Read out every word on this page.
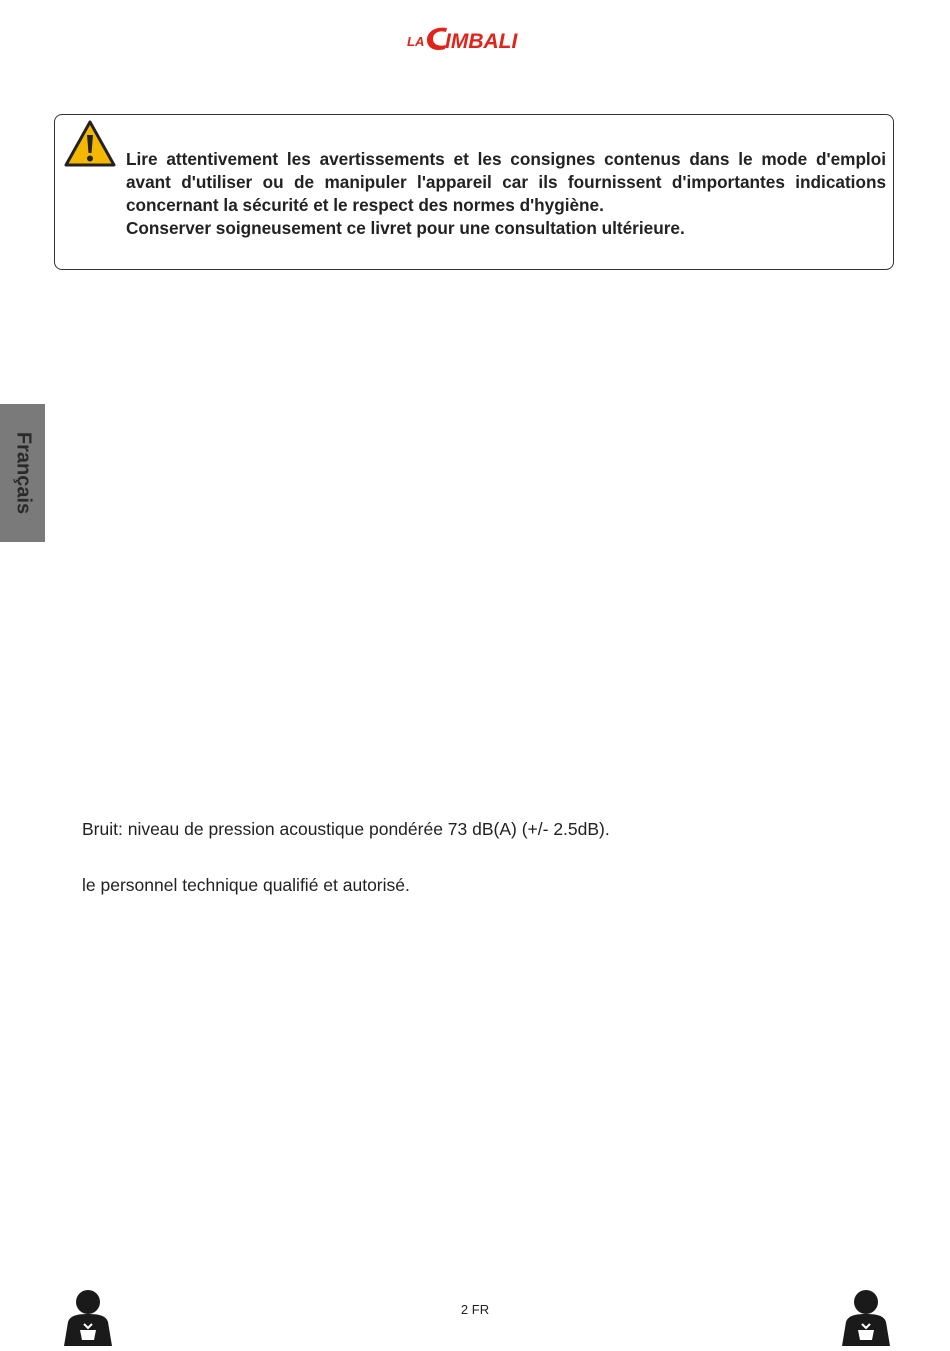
LA IMBALI
Lire attentivement les avertissements et les consignes contenus dans le mode d'emploi avant d'utiliser ou de manipuler l'appareil car ils fournissent d'importantes indications concernant la sécurité et le respect des normes d'hygiène.
Conserver soigneusement ce livret pour une consultation ultérieure.
Français
Bruit: niveau de pression acoustique pondérée 73 dB(A) (+/- 2.5dB).
le personnel technique qualifié et autorisé.
2 FR
